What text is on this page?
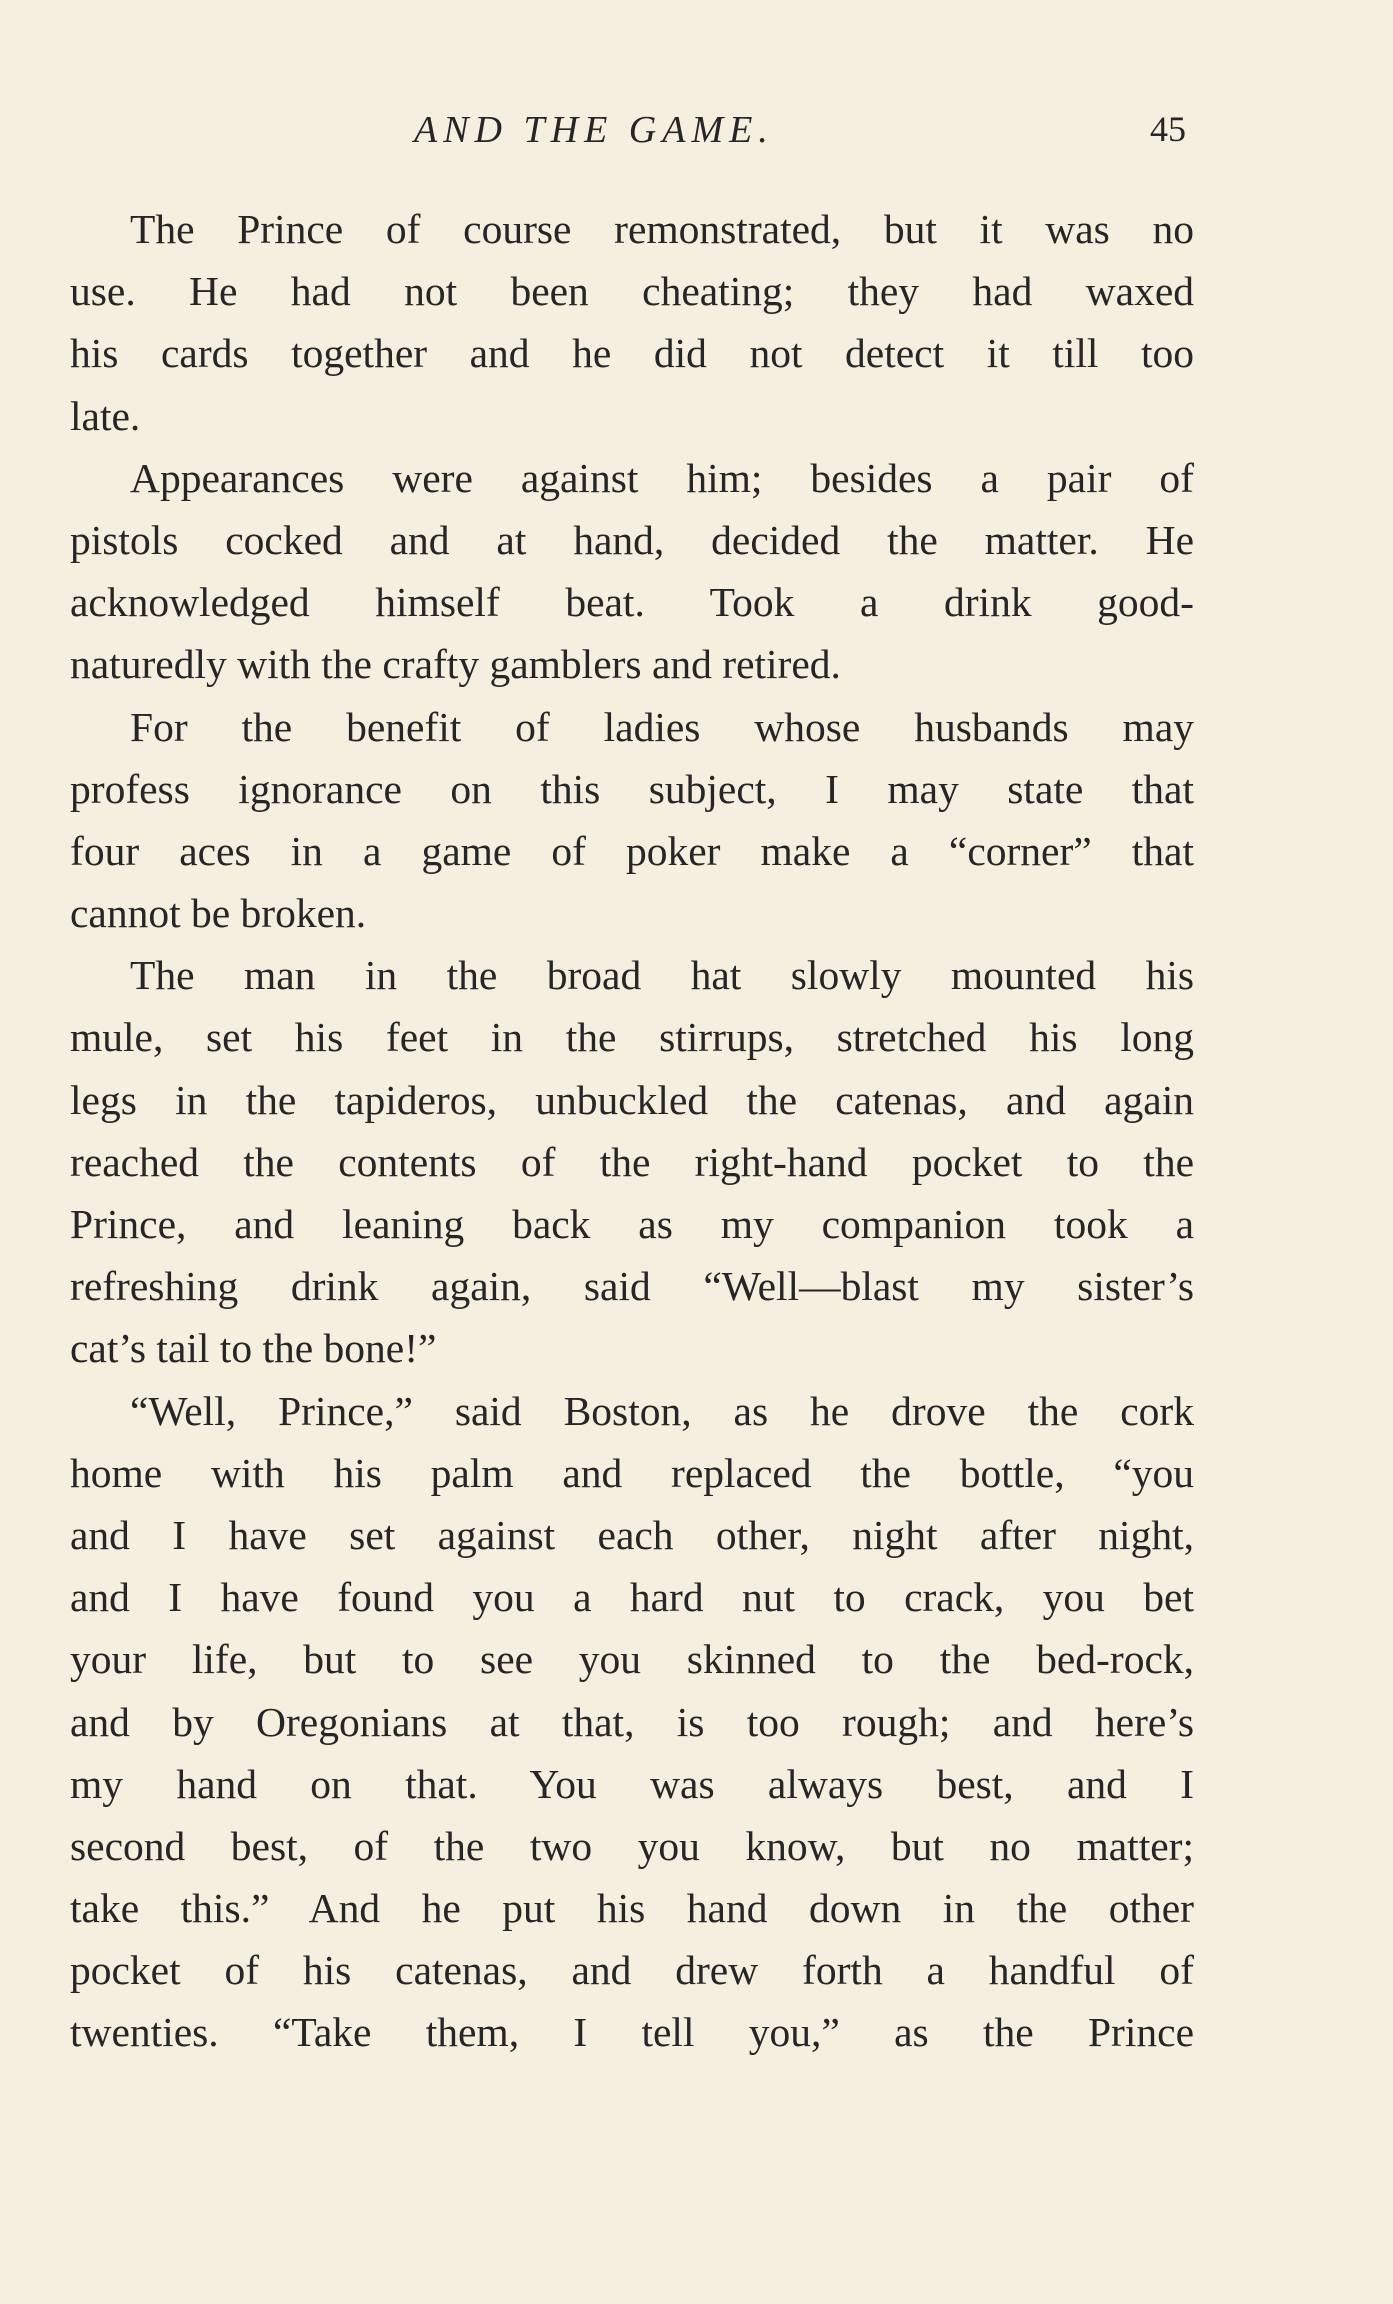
AND THE GAME.	45
The Prince of course remonstrated, but it was no
use. He had not been cheating; they had waxed
his cards together and he did not detect it till too
late.
Appearances were against him; besides a pair of
pistols cocked and at hand, decided the matter. He
acknowledged himself beat. Took a drink good-
naturedly with the crafty gamblers and retired.
For the benefit of ladies whose husbands may
profess ignorance on this subject, I may state that
four aces in a game of poker make a “corner” that
cannot be broken.
The man in the broad hat slowly mounted his
mule, set his feet in the stirrups, stretched his long
legs in the tapideros, unbuckled the catenas, and again
reached the contents of the right-hand pocket to the
Prince, and leaning back as my companion took a
refreshing drink again, said “Well—blast my sister’s
cat’s tail to the bone!”
“Well, Prince,” said Boston, as he drove the cork
home with his palm and replaced the bottle, “you
and I have set against each other, night after night,
and I have found you a hard nut to crack, you bet
your life, but to see you skinned to the bed-rock,
and by Oregonians at that, is too rough; and here’s
my hand on that. You was always best, and I
second best, of the two you know, but no matter;
take this.” And he put his hand down in the other
pocket of his catenas, and drew forth a handful of
twenties. “Take them, I tell you,” as the Prince
